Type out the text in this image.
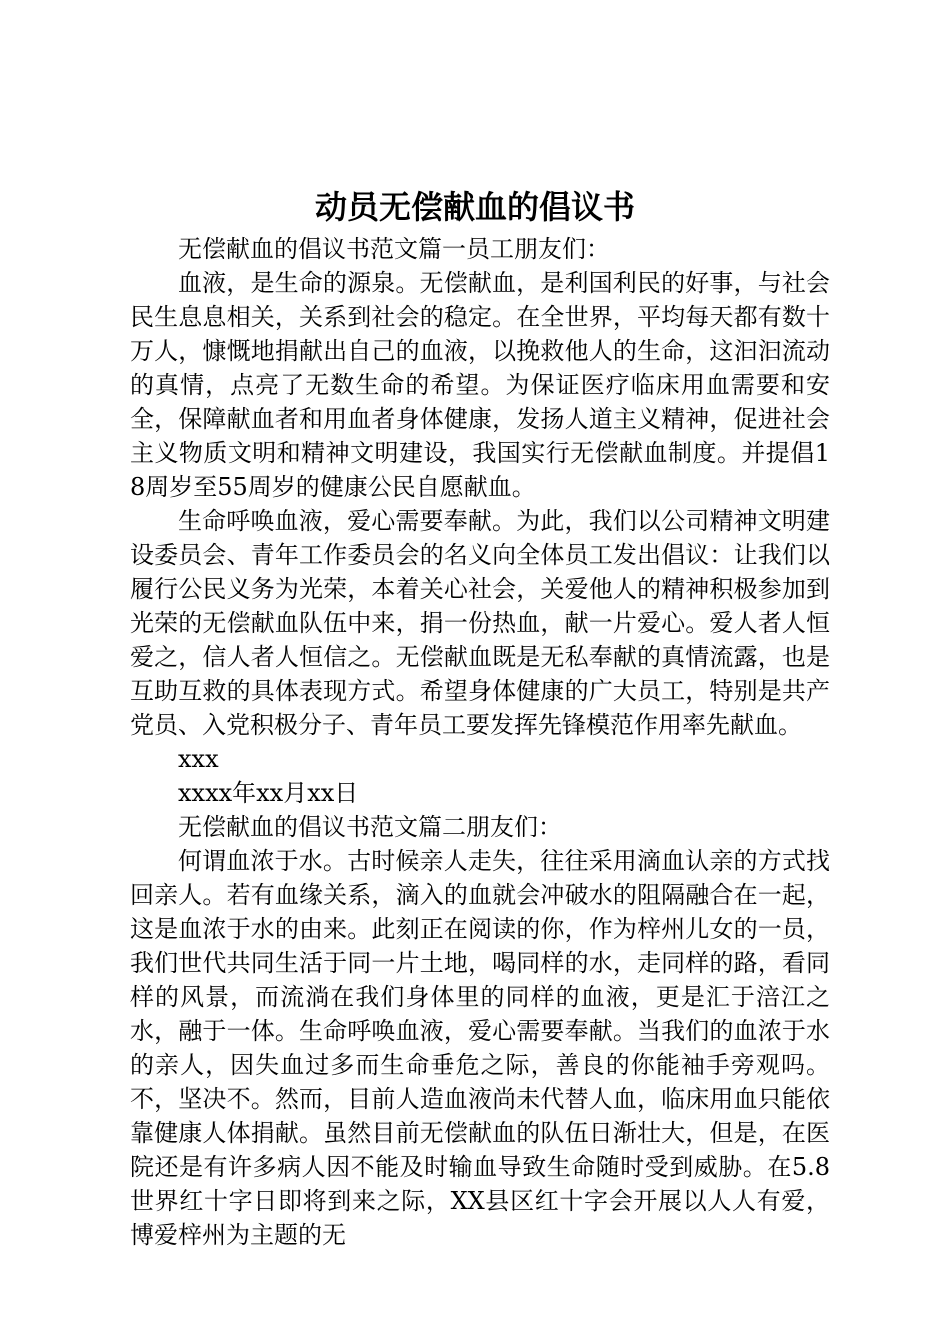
动员无偿献血的倡议书

无偿献血的倡议书范文篇一员工朋友们：

血液，是生命的源泉。无偿献血，是利国利民的好事，与社会民生息息相关，关系到社会的稳定。在全世界，平均每天都有数十万人，慷慨地捐献出自己的血液，以挽救他人的生命，这汩汩流动的真情，点亮了无数生命的希望。为保证医疗临床用血需要和安全，保障献血者和用血者身体健康，发扬人道主义精神，促进社会主义物质文明和精神文明建设，我国实行无偿献血制度。并提倡18周岁至55周岁的健康公民自愿献血。

生命呼唤血液，爱心需要奉献。为此，我们以公司精神文明建设委员会、青年工作委员会的名义向全体员工发出倡议：让我们以履行公民义务为光荣，本着关心社会，关爱他人的精神积极参加到光荣的无偿献血队伍中来，捐一份热血，献一片爱心。爱人者人恒爱之，信人者人恒信之。无偿献血既是无私奉献的真情流露，也是互助互救的具体表现方式。希望身体健康的广大员工，特别是共产党员、入党积极分子、青年员工要发挥先锋模范作用率先献血。

xxx

xxxx年xx月xx日

无偿献血的倡议书范文篇二朋友们：

何谓血浓于水。古时候亲人走失，往往采用滴血认亲的方式找回亲人。若有血缘关系，滴入的血就会冲破水的阻隔融合在一起，这是血浓于水的由来。此刻正在阅读的你，作为梓州儿女的一员，我们世代共同生活于同一片土地，喝同样的水，走同样的路，看同样的风景，而流淌在我们身体里的同样的血液，更是汇于涪江之水，融于一体。生命呼唤血液，爱心需要奉献。当我们的血浓于水的亲人，因失血过多而生命垂危之际，善良的你能袖手旁观吗。不，坚决不。然而，目前人造血液尚未代替人血，临床用血只能依靠健康人体捐献。虽然目前无偿献血的队伍日渐壮大，但是，在医院还是有许多病人因不能及时输血导致生命随时受到威胁。在5.8世界红十字日即将到来之际，XX县区红十字会开展以人人有爱，博爱梓州为主题的无
